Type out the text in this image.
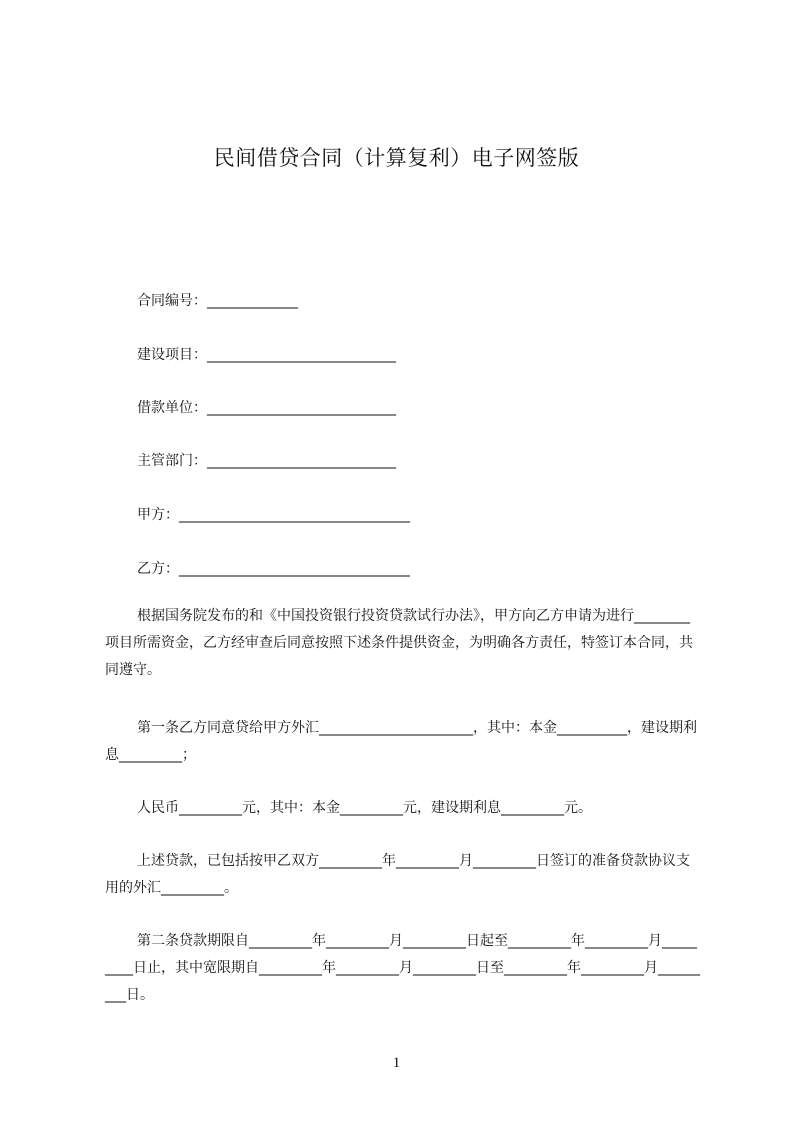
民间借贷合同（计算复利）电子网签版
合同编号：_____________
建设项目：___________________________
借款单位：___________________________
主管部门：___________________________
甲方：_________________________________
乙方：_________________________________
根据国务院发布的和《中国投资银行投资贷款试行办法》，甲方向乙方申请为进行________项目所需资金，乙方经审查后同意按照下述条件提供资金，为明确各方责任，特签订本合同，共同遵守。
第一条乙方同意贷给甲方外汇______________________，其中：本金__________，建设期利息_________；
人民币_________元，其中：本金_________元，建设期利息_________元。
上述贷款，已包括按甲乙双方_________年_________月_________日签订的准备贷款协议支用的外汇_________。
第二条贷款期限自_________年_________月_________日起至_________年_________月_________日止，其中宽限期自_________年_________月_________日至_________年_________月_________日。
1
